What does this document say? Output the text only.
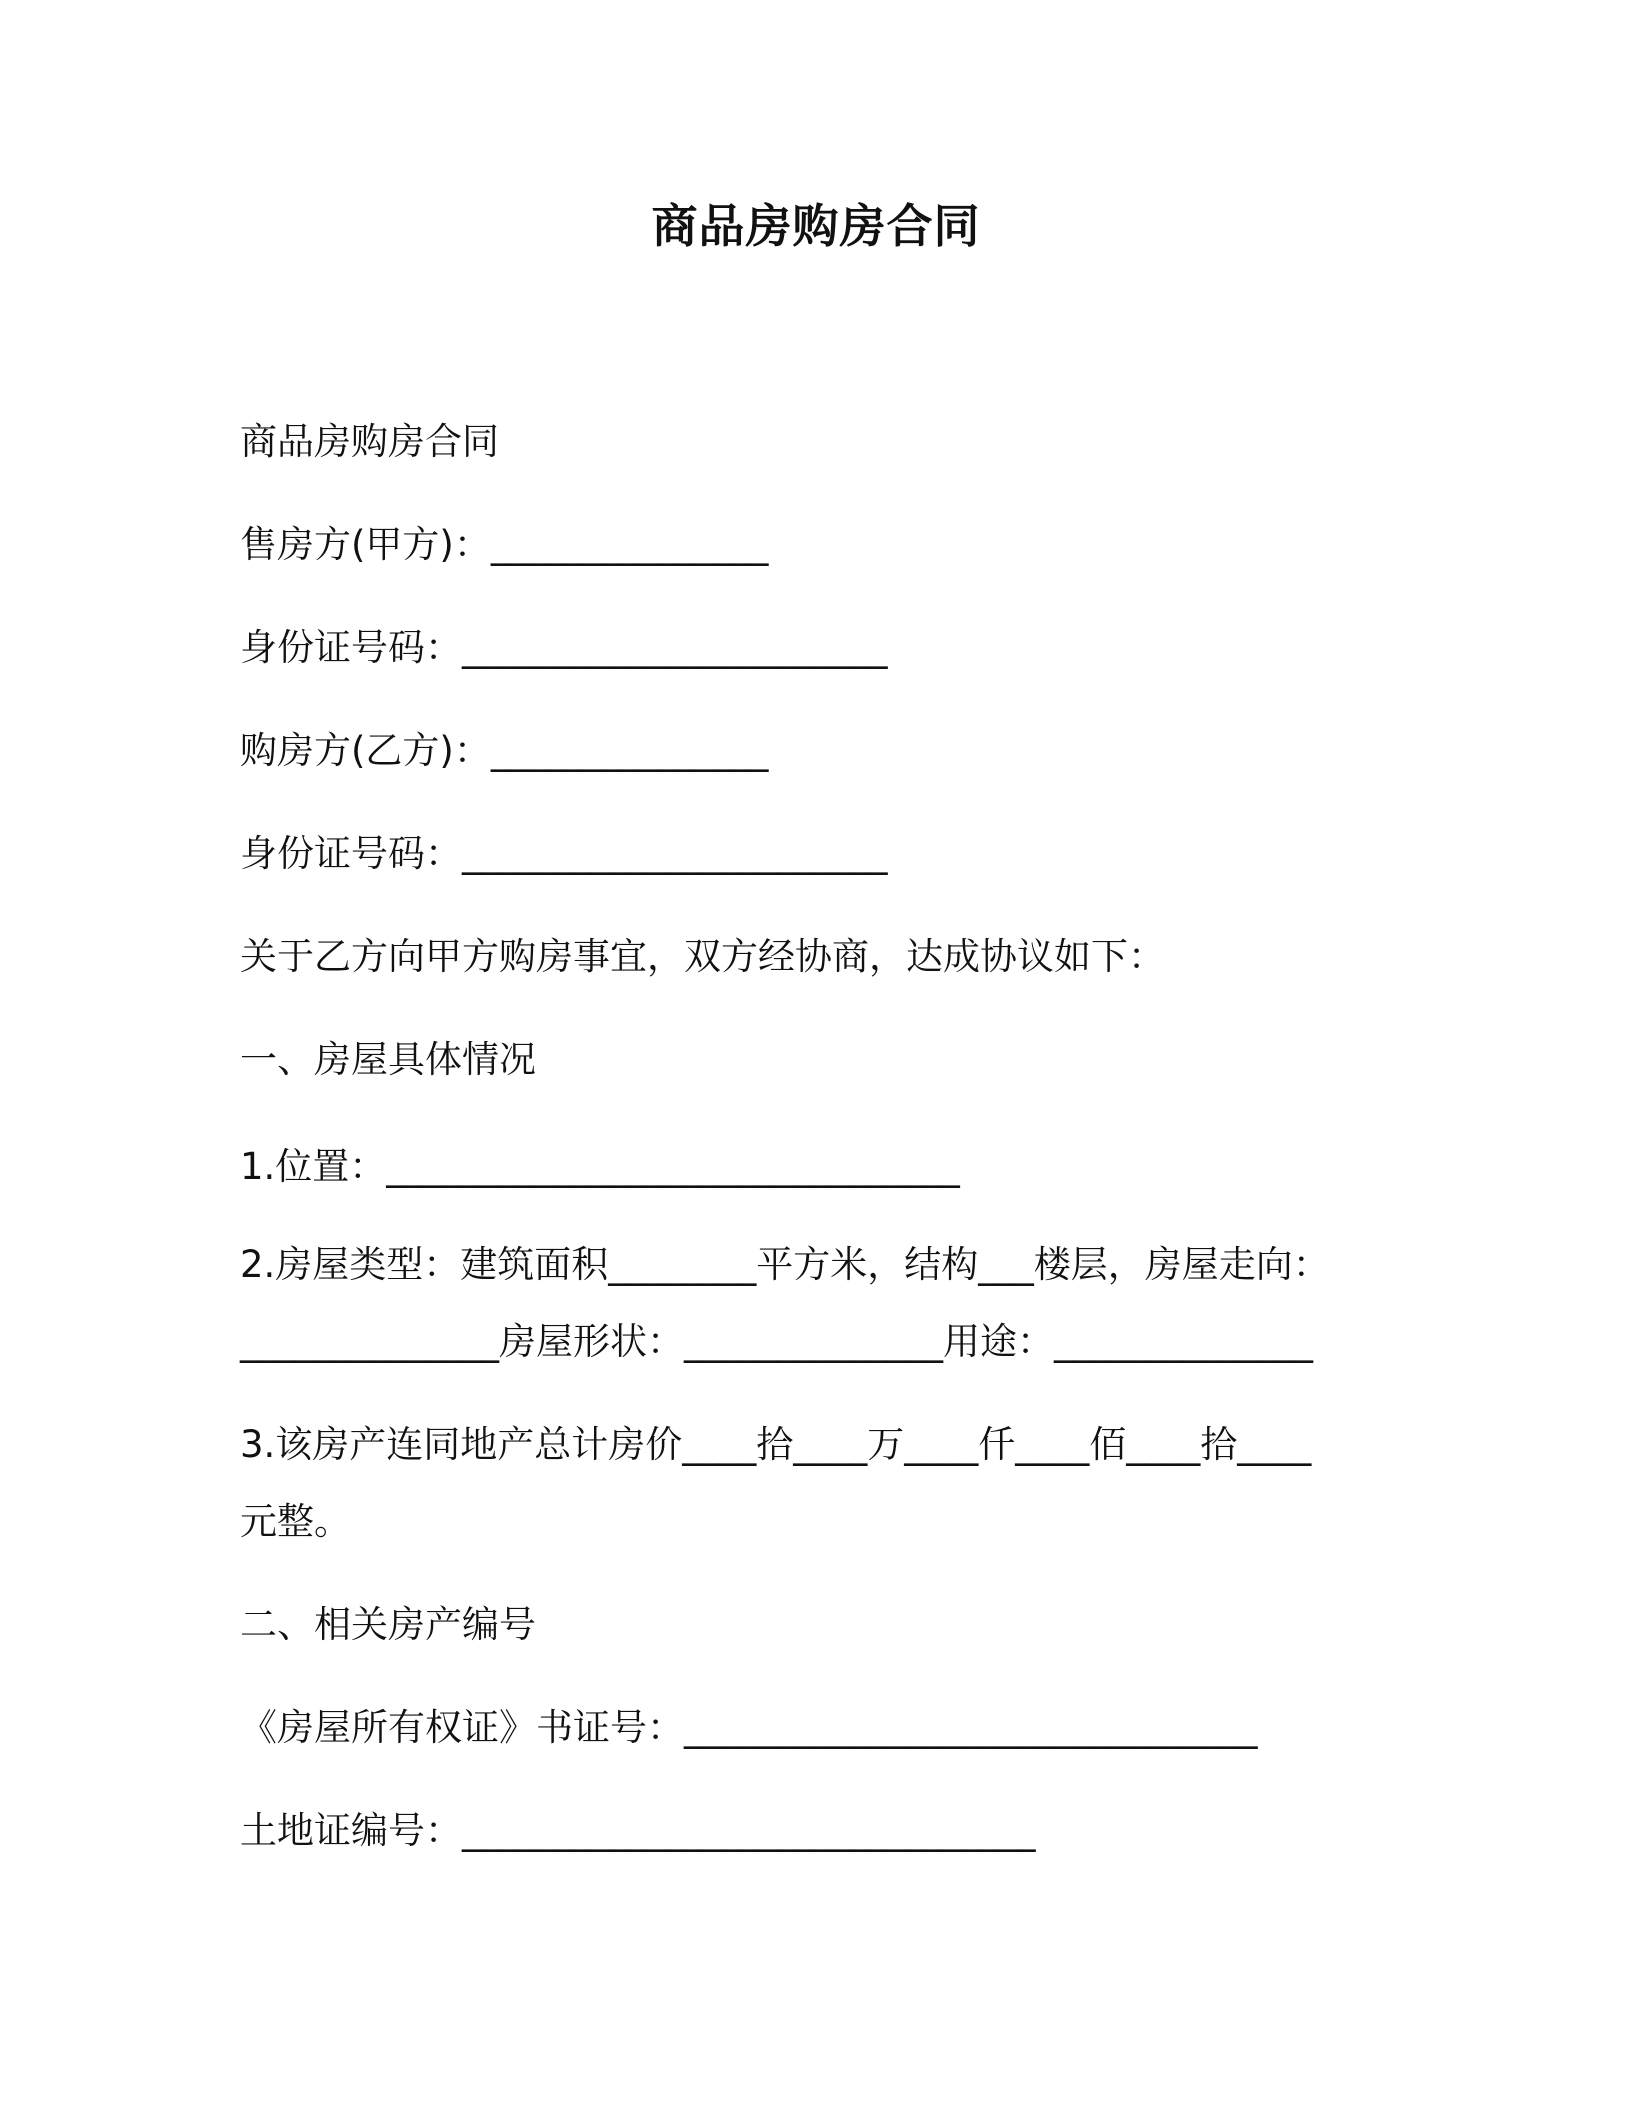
商品房购房合同

商品房购房合同

售房方(甲方)：_______________

身份证号码：_______________________

购房方(乙方)：_______________

身份证号码：_______________________

关于乙方向甲方购房事宜，双方经协商，达成协议如下：

一、房屋具体情况

1.位置：_______________________________

2.房屋类型：建筑面积________平方米，结构___楼层，房屋走向：

______________房屋形状：______________用途：______________

3.该房产连同地产总计房价____拾____万____仟____佰____拾____

元整。

二、相关房产编号

《房屋所有权证》书证号：_______________________________

土地证编号：_______________________________
